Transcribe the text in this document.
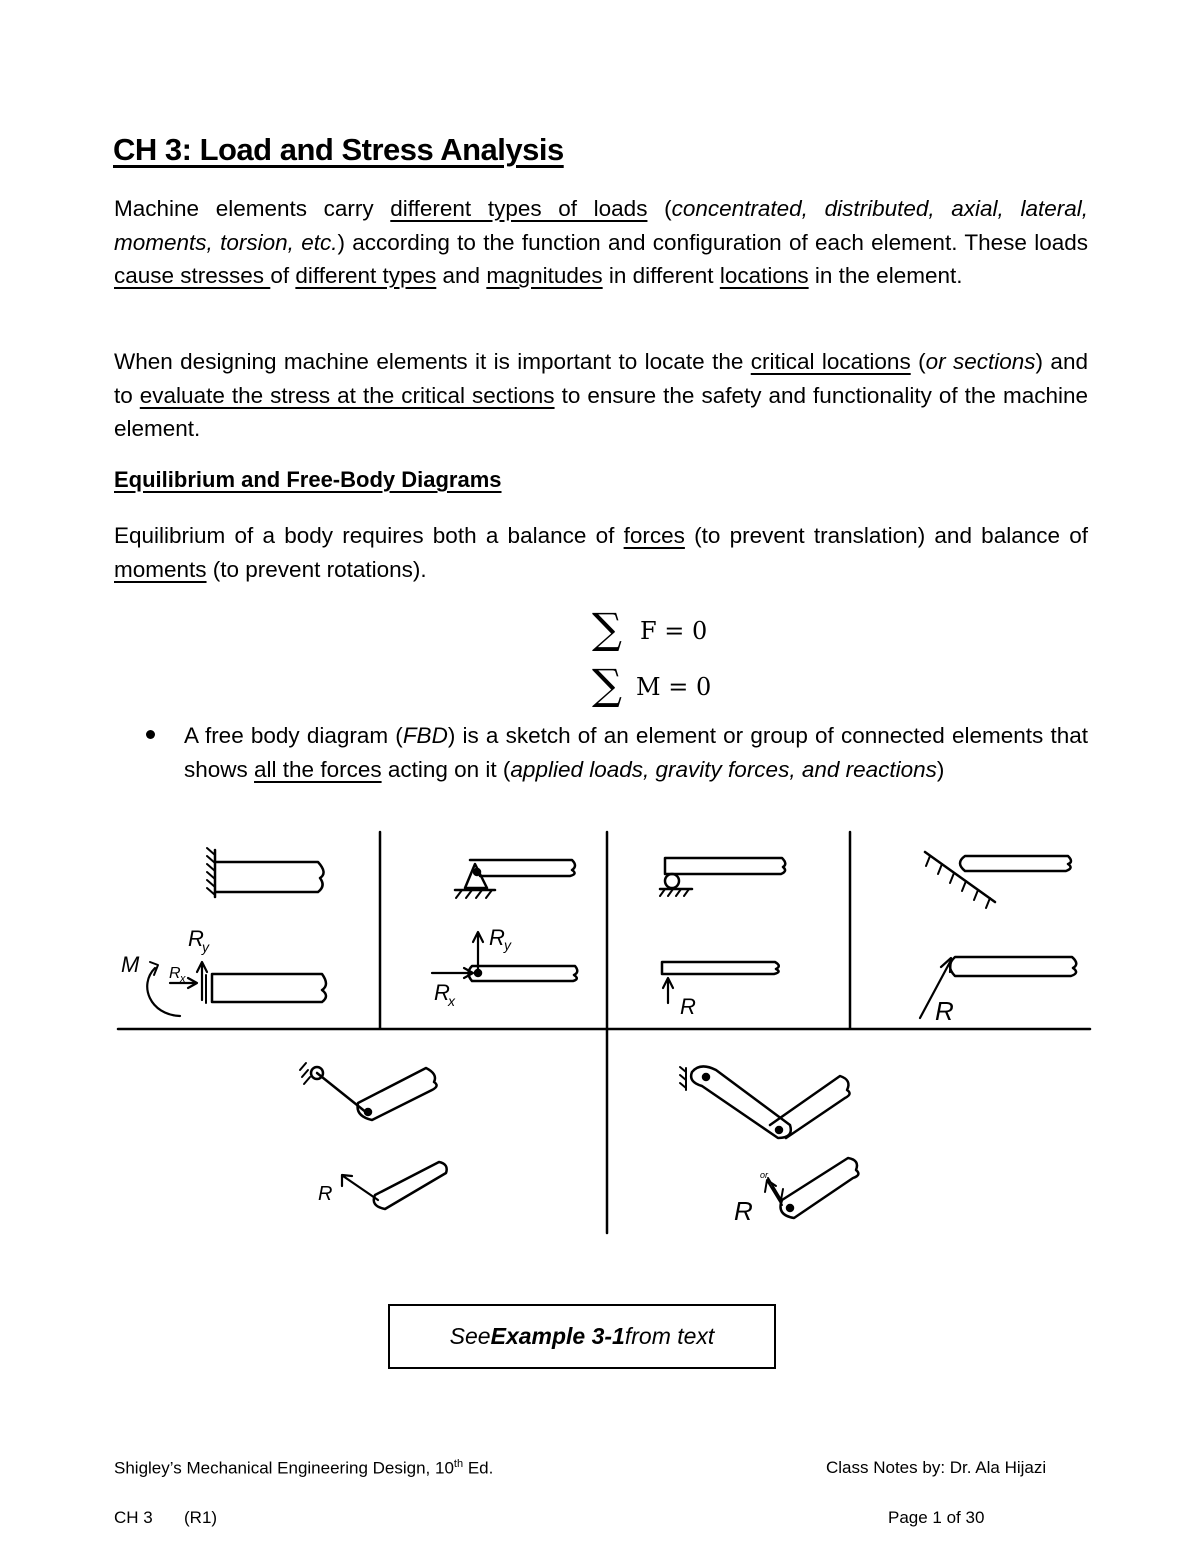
CH 3: Load and Stress Analysis
Machine elements carry different types of loads (concentrated, distributed, axial, lateral, moments, torsion, etc.) according to the function and configuration of each element. These loads cause stresses of different types and magnitudes in different locations in the element.
When designing machine elements it is important to locate the critical locations (or sections) and to evaluate the stress at the critical sections to ensure the safety and functionality of the machine element.
Equilibrium and Free-Body Diagrams
Equilibrium of a body requires both a balance of forces (to prevent translation) and balance of moments (to prevent rotations).
∑ F = 0
∑ M = 0
A free body diagram (FBD) is a sketch of an element or group of connected elements that shows all the forces acting on it (applied loads, gravity forces, and reactions)
M
R
y
R x
R y
R
x	R	R
R
R
or
See Example 3-1 from text
Shigley’s Mechanical Engineering Design, 10th Ed.	Class Notes by: Dr. Ala Hijazi
CH 3 (R1)	Page 1 of 30
